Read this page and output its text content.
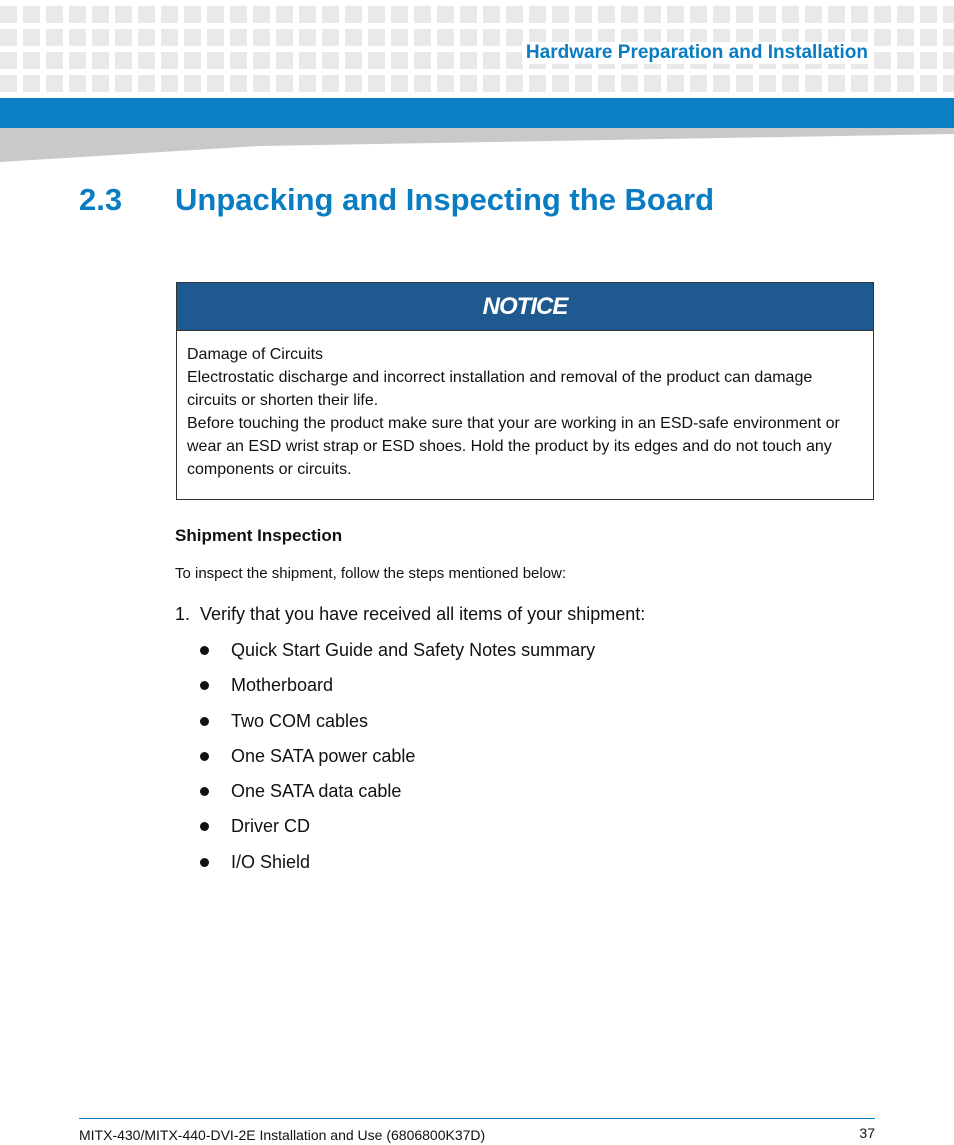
Hardware Preparation and Installation
2.3 Unpacking and Inspecting the Board
NOTICE

Damage of Circuits

Electrostatic discharge and incorrect installation and removal of the product can damage circuits or shorten their life.

Before touching the product make sure that your are working in an ESD-safe environment or wear an ESD wrist strap or ESD shoes. Hold the product by its edges and do not touch any components or circuits.

Shipment Inspection
To inspect the shipment, follow the steps mentioned below:
1.  Verify that you have received all items of your shipment:
Quick Start Guide and Safety Notes summary
Motherboard
Two COM cables
One SATA power cable
One SATA data cable
Driver CD
I/O Shield
MITX-430/MITX-440-DVI-2E Installation and Use (6806800K37D)	37
